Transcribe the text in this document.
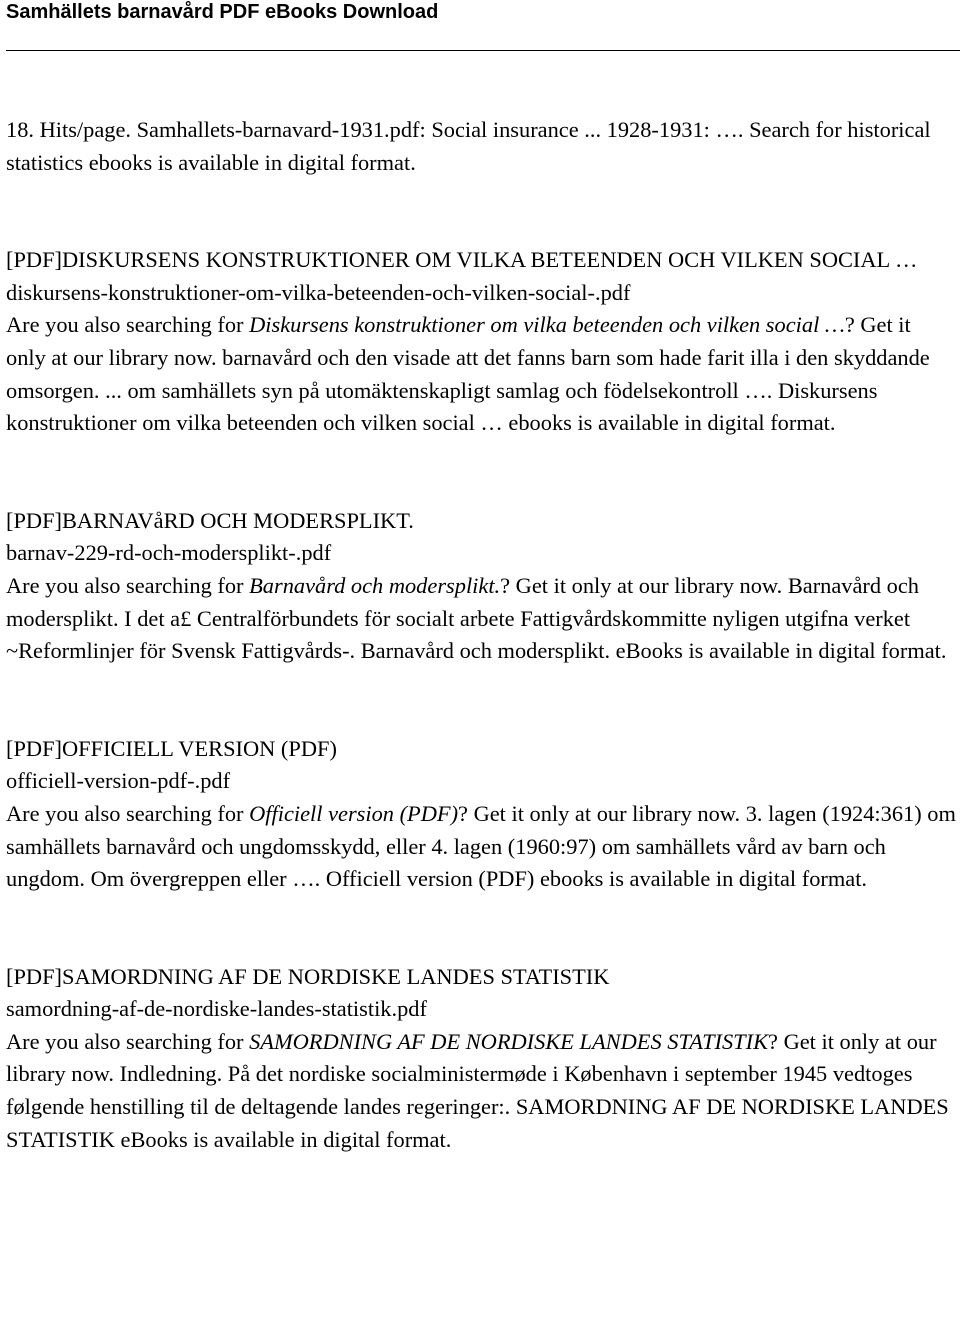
Samhällets barnavård PDF eBooks Download

18. Hits/page. Samhallets-barnavard-1931.pdf: Social insurance ... 1928-1931: …. Search for historical statistics ebooks is available in digital format.

[PDF]DISKURSENS KONSTRUKTIONER OM VILKA BETEENDEN OCH VILKEN SOCIAL …

diskursens-konstruktioner-om-vilka-beteenden-och-vilken-social-.pdf

Are you also searching for Diskursens konstruktioner om vilka beteenden och vilken social …? Get it only at our library now. barnavård och den visade att det fanns barn som hade farit illa i den skyddande omsorgen. ... om samhällets syn på utomäktenskapligt samlag och födelsekontroll …. Diskursens konstruktioner om vilka beteenden och vilken social … ebooks is available in digital format.

[PDF]BARNAVåRD OCH MODERSPLIKT.

barnav-229-rd-och-modersplikt-.pdf

Are you also searching for Barnavård och modersplikt.? Get it only at our library now. Barnavård och modersplikt. I det a£ Centralförbundets för socialt arbete Fattigvårdskommitte nyligen utgifna verket ~Reformlinjer för Svensk Fattigvårds-. Barnavård och modersplikt. eBooks is available in digital format.

[PDF]OFFICIELL VERSION (PDF)

officiell-version-pdf-.pdf

Are you also searching for Officiell version (PDF)? Get it only at our library now. 3. lagen (1924:361) om samhällets barnavård och ungdomsskydd, eller 4. lagen (1960:97) om samhällets vård av barn och ungdom. Om övergreppen eller …. Officiell version (PDF) ebooks is available in digital format.

[PDF]SAMORDNING AF DE NORDISKE LANDES STATISTIK

samordning-af-de-nordiske-landes-statistik.pdf

Are you also searching for SAMORDNING AF DE NORDISKE LANDES STATISTIK? Get it only at our library now. Indledning. På det nordiske socialministermøde i København i september 1945 vedtoges følgende henstilling til de deltagende landes regeringer:. SAMORDNING AF DE NORDISKE LANDES STATISTIK eBooks is available in digital format.
